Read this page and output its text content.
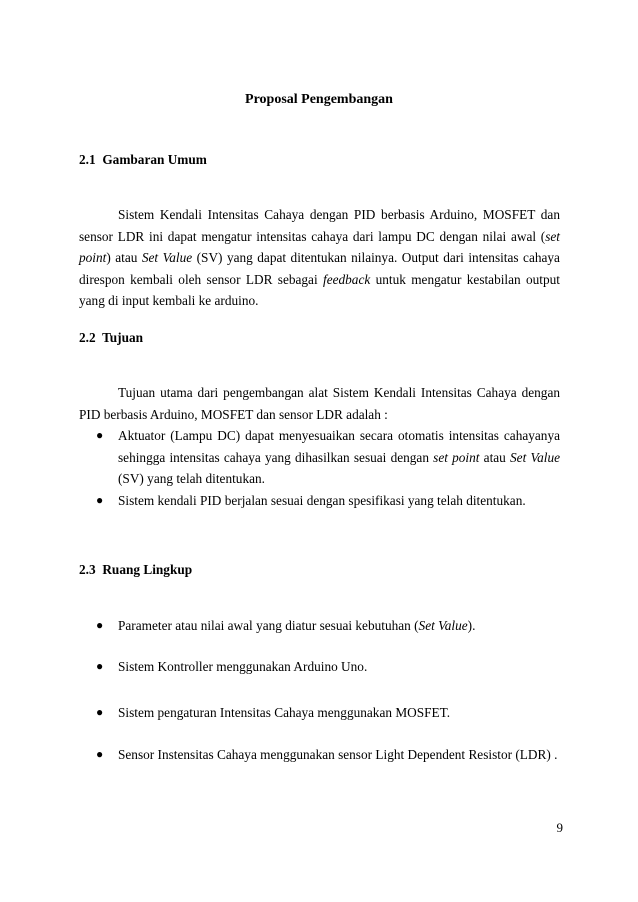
Proposal Pengembangan
2.1 Gambaran Umum

Sistem Kendali Intensitas Cahaya dengan PID berbasis Arduino, MOSFET dan sensor LDR ini dapat mengatur intensitas cahaya dari lampu DC dengan nilai awal (set point) atau Set Value (SV) yang dapat ditentukan nilainya. Output dari intensitas cahaya direspon kembali oleh sensor LDR sebagai feedback untuk mengatur kestabilan output yang di input kembali ke arduino.

2.2 Tujuan

Tujuan utama dari pengembangan alat Sistem Kendali Intensitas Cahaya dengan PID berbasis Arduino, MOSFET dan sensor LDR adalah :

● Aktuator (Lampu DC) dapat menyesuaikan secara otomatis intensitas cahayanya sehingga intensitas cahaya yang dihasilkan sesuai dengan set point atau Set Value (SV) yang telah ditentukan.
● Sistem kendali PID berjalan sesuai dengan spesifikasi yang telah ditentukan.
2.3 Ruang Lingkup
● Parameter atau nilai awal yang diatur sesuai kebutuhan (Set Value).
● Sistem Kontroller menggunakan Arduino Uno.
● Sistem pengaturan Intensitas Cahaya menggunakan MOSFET.
● Sensor Instensitas Cahaya menggunakan sensor Light Dependent Resistor (LDR) .
9
